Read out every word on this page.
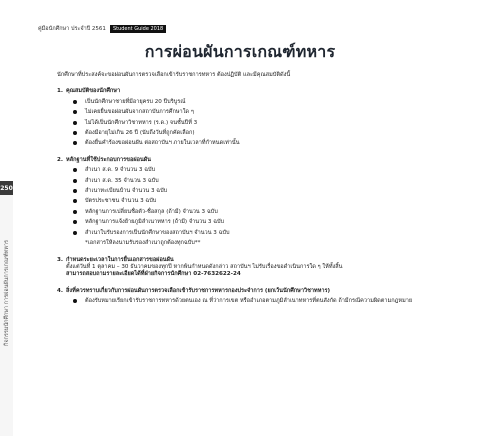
คู่มือนักศึกษา ประจำปี 2561	Student Guide 2018
การผ่อนผันการเกณฑ์ทหาร
250
กิจกรรมนักศึกษา การผ่อนผันการเกณฑ์ทหาร

นักศึกษาที่ประสงค์จะขอผ่อนผันการตรวจเลือกเข้ารับราชการทหาร ต้องปฏิบัติ และมีคุณสมบัติดังนี้

1. คุณสมบัติของนักศึกษา
เป็นนักศึกษาชายที่มีอายุครบ 20 ปีบริบูรณ์
ไม่เคยยื่นขอผ่อนผันจากสถาบันการศึกษาใด ๆ
ไม่ได้เป็นนักศึกษาวิชาทหาร (ร.ด.) จนชั้นปีที่ 3
ต้องมีอายุไม่เกิน 26 ปี (นับถึงวันที่ถูกคัดเลือก)
ต้องยื่นคำร้องขอผ่อนผัน ต่อสถาบันฯ ภายในเวลาที่กำหนดเท่านั้น
2. หลักฐานที่ใช้ประกอบการขอผ่อนผัน
สำเนา ส.ด. 9 จำนวน 3 ฉบับ
สำเนา ส.ด. 35 จำนวน 3 ฉบับ
สำเนาทะเบียนบ้าน จำนวน 3 ฉบับ
บัตรประชาชน จำนวน 3 ฉบับ
หลักฐานการเปลี่ยนชื่อตัว-ชื่อสกุล (ถ้ามี) จำนวน 3 ฉบับ
หลักฐานการแจ้งย้ายภูมิลำเนาทหาร (ถ้ามี) จำนวน 3 ฉบับ
สำเนาใบรับรองการเป็นนักศึกษาของสถาบันฯ จำนวน 3 ฉบับ
*เอกสารให้ลงนามรับรองสำเนาถูกต้องทุกฉบับ**
3. กำหนดระยะเวลาในการยื่นเอกสารขอผ่อนผัน
ตั้งแต่วันที่ 1 ตุลาคม – 30 ธันวาคมของทุกปี หากพ้นกำหนดดังกล่าว สถาบันฯ ไม่รับเรื่องขอดำเนินการใด ๆ ให้ทั้งสิ้น
สามารถสอบถามรายละเอียดได้ที่ฝ่ายกิจการนักศึกษา 02-7632622-24
4. สิ่งที่ควรทราบเกี่ยวกับการผ่อนผันการตรวจเลือกเข้ารับราชการทหารกองประจำการ (ยกเว้นนักศึกษาวิชาทหาร)
ต้องรับหมายเรียกเข้ารับราชการทหารด้วยตนเอง ณ ที่ว่าการเขต หรืออำเภอตามภูมิลำเนาทหารที่ตนสังกัด ถ้ามีกรณีความผิดตามกฎหมาย
